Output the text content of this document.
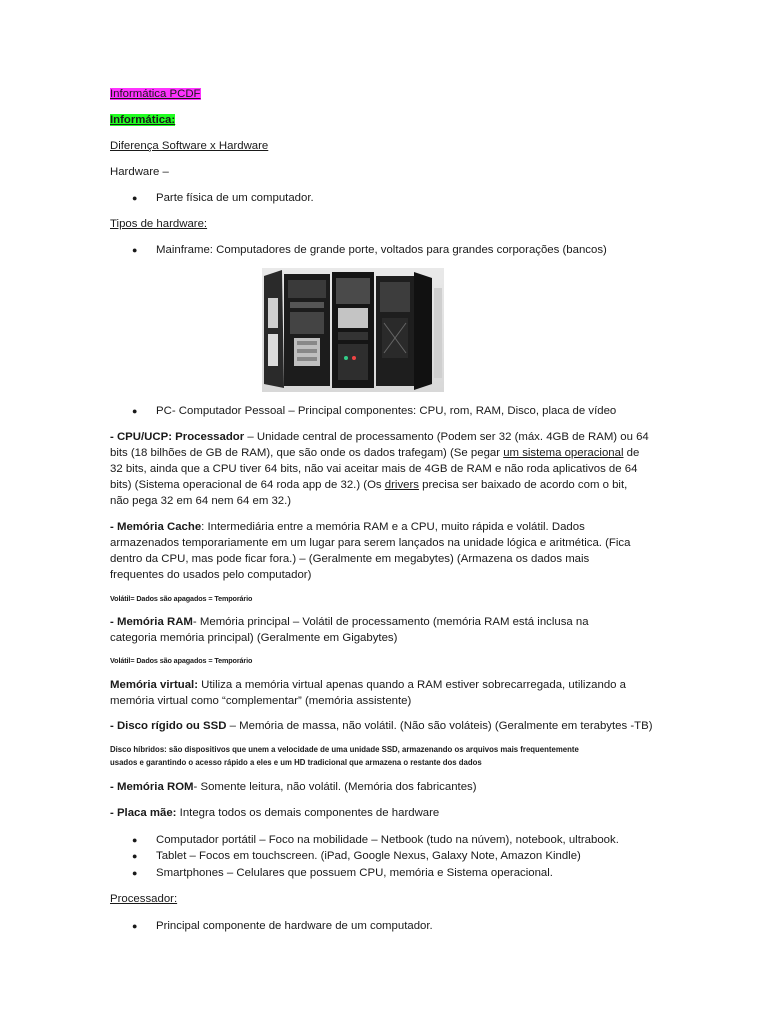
Informática PCDF
Informática:
Diferença Software x Hardware
Hardware –
● Parte física de um computador.
Tipos de hardware:
● Mainframe: Computadores de grande porte, voltados para grandes corporações (bancos)
● PC- Computador Pessoal – Principal componentes: CPU, rom, RAM, Disco, placa de vídeo

- CPU/UCP: Processador – Unidade central de processamento (Podem ser 32 (máx. 4GB de RAM) ou 64

bits (18 bilhões de GB de RAM), que são onde os dados trafegam) (Se pegar um sistema operacional de

32 bits, ainda que a CPU tiver 64 bits, não vai aceitar mais de 4GB de RAM e não roda aplicativos de 64

bits) (Sistema operacional de 64 roda app de 32.) (Os drivers precisa ser baixado de acordo com o bit,

não pega 32 em 64 nem 64 em 32.)

- Memória Cache: Intermediária entre a memória RAM e a CPU, muito rápida e volátil. Dados

armazenados temporariamente em um lugar para serem lançados na unidade lógica e aritmética. (Fica

dentro da CPU, mas pode ficar fora.) – (Geralmente em megabytes) (Armazena os dados mais

frequentes do usados pelo computador)

Volátil= Dados são apagados = Temporário

- Memória RAM- Memória principal – Volátil de processamento (memória RAM está inclusa na

categoria memória principal) (Geralmente em Gigabytes)

Volátil= Dados são apagados = Temporário

Memória virtual: Utiliza a memória virtual apenas quando a RAM estiver sobrecarregada, utilizando a

memória virtual como “complementar” (memória assistente)

- Disco rígido ou SSD – Memória de massa, não volátil. (Não são voláteis) (Geralmente em terabytes -TB)

Disco híbridos: são dispositivos que unem a velocidade de uma unidade SSD, armazenando os arquivos mais frequentemente

usados e garantindo o acesso rápido a eles e um HD tradicional que armazena o restante dos dados

- Memória ROM- Somente leitura, não volátil. (Memória dos fabricantes)

- Placa mãe: Integra todos os demais componentes de hardware

● Computador portátil – Foco na mobilidade – Netbook (tudo na núvem), notebook, ultrabook.
● Tablet – Focos em touchscreen. (iPad, Google Nexus, Galaxy Note, Amazon Kindle)
● Smartphones – Celulares que possuem CPU, memória e Sistema operacional.
Processador:
● Principal componente de hardware de um computador.
